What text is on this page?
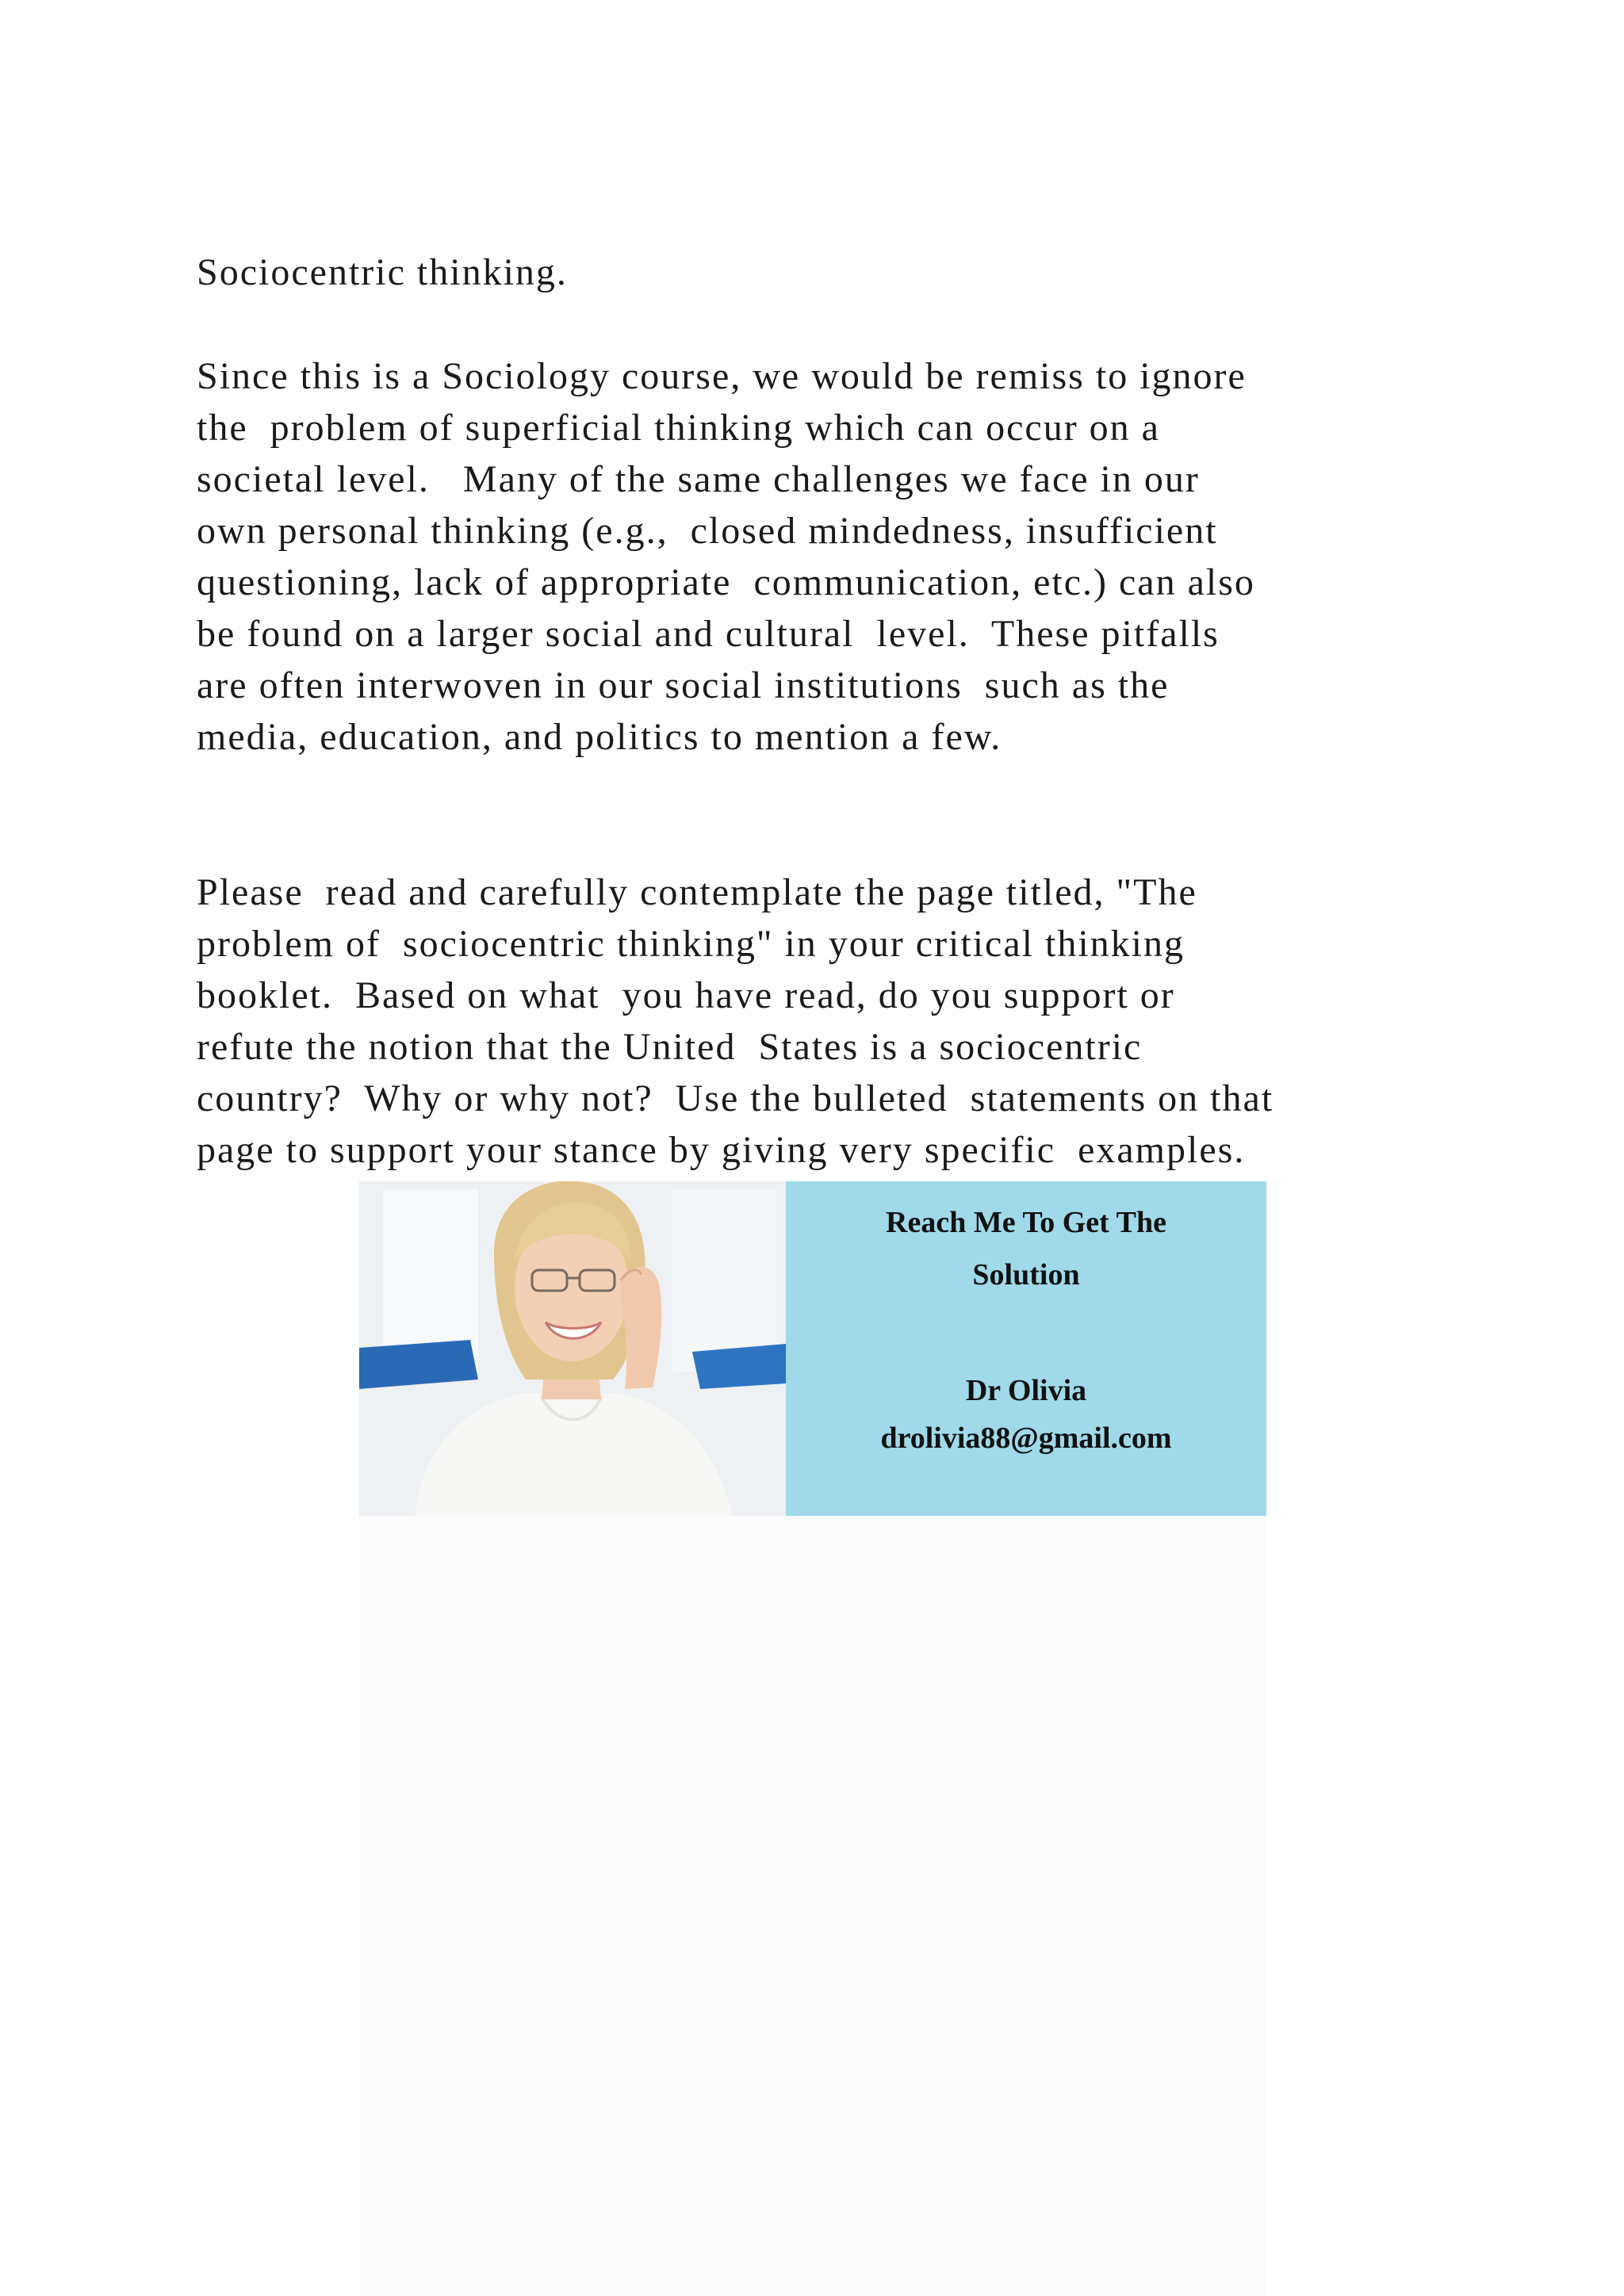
Sociocentric thinking.
Since this is a Sociology course, we would be remiss to ignore
the  problem of superficial thinking which can occur on a
societal level.   Many of the same challenges we face in our
own personal thinking (e.g.,  closed mindedness, insufficient
questioning, lack of appropriate  communication, etc.) can also
be found on a larger social and cultural  level.  These pitfalls
are often interwoven in our social institutions  such as the
media, education, and politics to mention a few.
Please  read and carefully contemplate the page titled, "The
problem of  sociocentric thinking" in your critical thinking
booklet.  Based on what  you have read, do you support or
refute the notion that the United  States is a sociocentric
country?  Why or why not?  Use the bulleted  statements on that
page to support your stance by giving very specific  examples.
Reach Me To Get The
Solution
Dr Olivia
drolivia88@gmail.com
